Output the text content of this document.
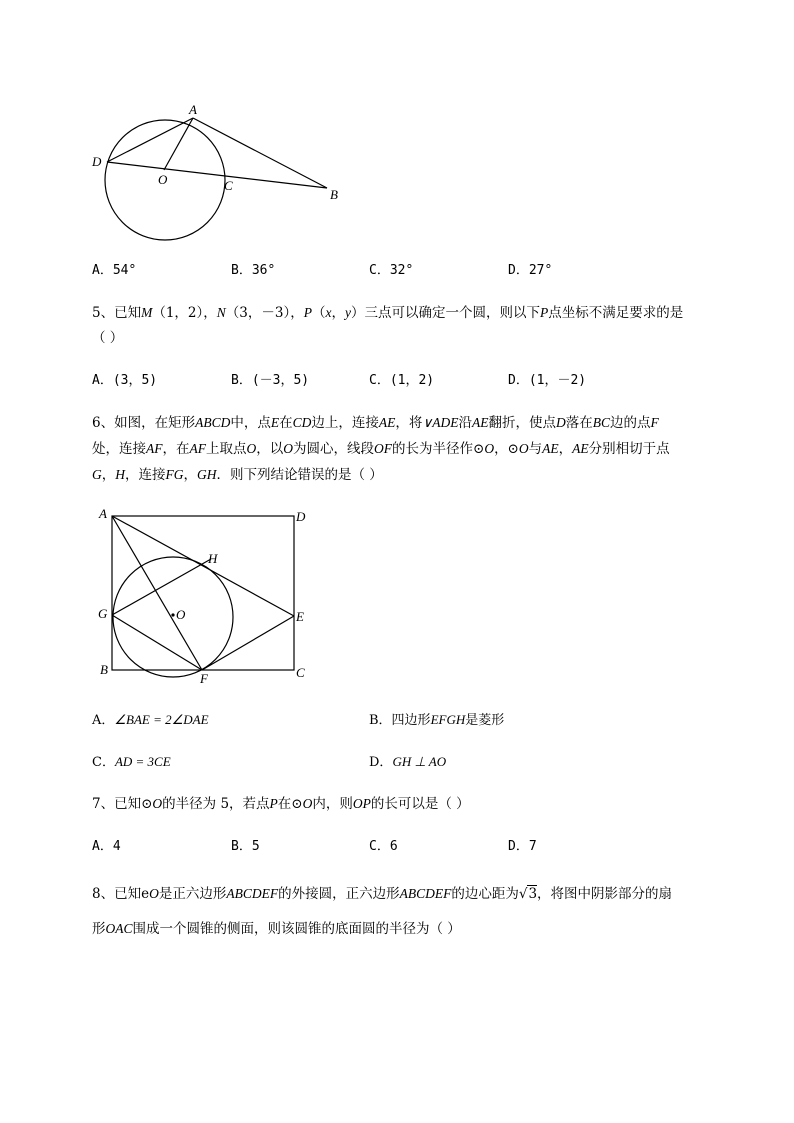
A
D
O	C
B
A．54°	B．36°	C．32°	D．27°
5、已知M（1，2），N（3，－3），P（x，y）三点可以确定一个圆，则以下P点坐标不满足要求的是
（ ）
A．(3，5)	B．(－3，5)	C．(1，2)	D．(1，－2)
6、如图，在矩形ABCD中，点E在CD边上，连接AE，将∨ADE沿AE翻折，使点D落在BC边的点F
处，连接AF，在AF上取点O，以O为圆心，线段OF的长为半径作⊙O，⊙O与AE，AE分别相切于点
G，H，连接FG，GH．则下列结论错误的是（ ）
A	D
H
G	O	E
B
F	C
A．∠BAE = 2∠DAE	B．四边形EFGH是菱形
C．AD = 3CE	D．GH ⊥ AO
7、已知⊙O的半径为 5，若点P在⊙O内，则OP的长可以是（ ）
A．4	B．5	C．6	D．7
8、已知eO是正六边形ABCDEF的外接圆，正六边形ABCDEF的边心距为√3，将图中阴影部分的扇
形OAC围成一个圆锥的侧面，则该圆锥的底面圆的半径为（ ）
